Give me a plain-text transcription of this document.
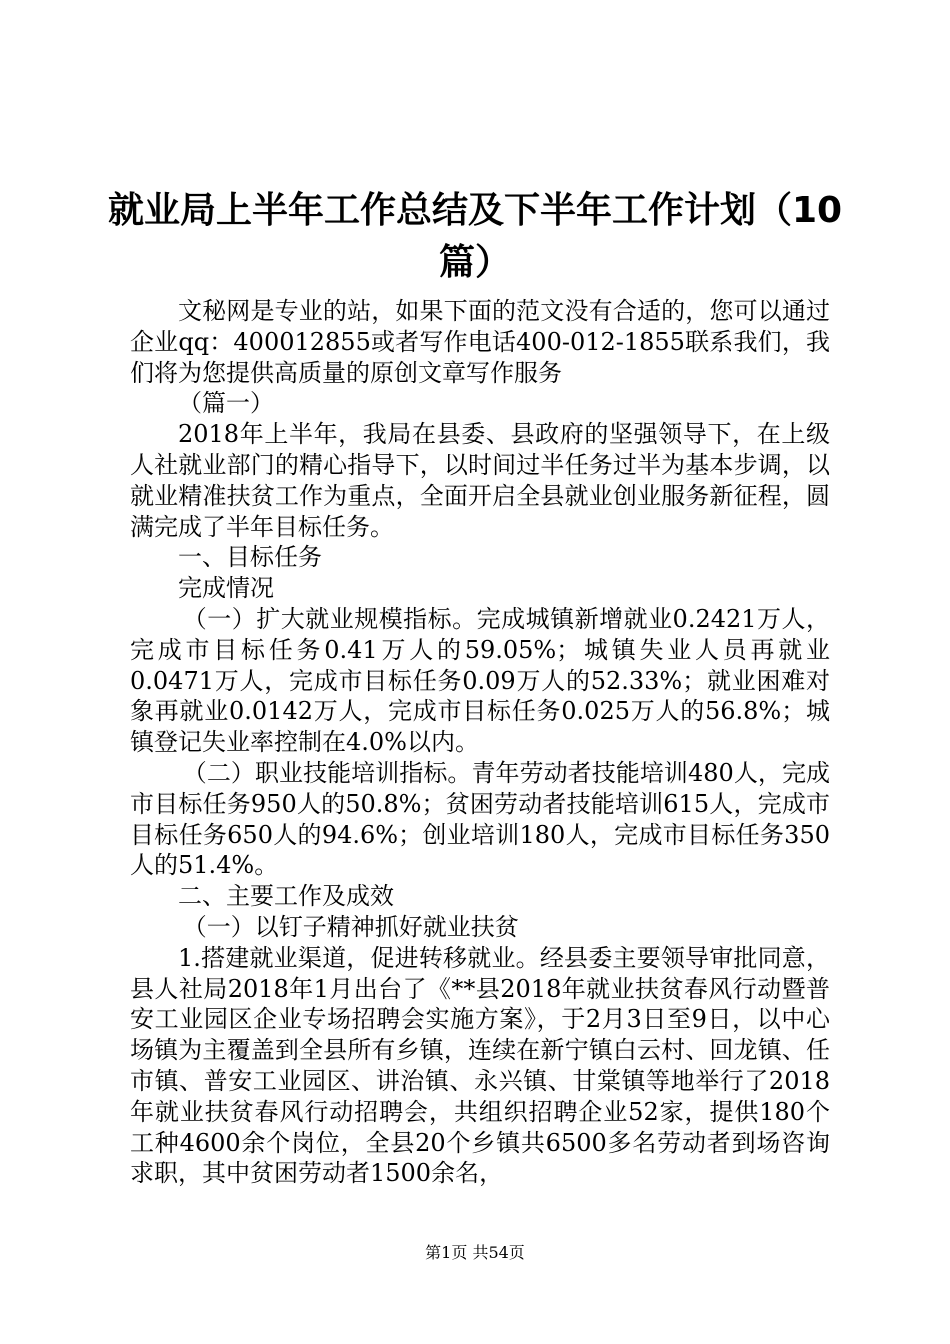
就业局上半年工作总结及下半年工作计划（10篇）

文秘网是专业的站，如果下面的范文没有合适的，您可以通过企业qq：400012855或者写作电话400-012-1855联系我们，我们将为您提供高质量的原创文章写作服务

（篇一）

2018年上半年，我局在县委、县政府的坚强领导下，在上级人社就业部门的精心指导下，以时间过半任务过半为基本步调，以就业精准扶贫工作为重点，全面开启全县就业创业服务新征程，圆满完成了半年目标任务。

一、目标任务

完成情况

（一）扩大就业规模指标。完成城镇新增就业0.2421万人，完成市目标任务0.41万人的59.05%；城镇失业人员再就业0.0471万人，完成市目标任务0.09万人的52.33%；就业困难对象再就业0.0142万人，完成市目标任务0.025万人的56.8%；城镇登记失业率控制在4.0%以内。

（二）职业技能培训指标。青年劳动者技能培训480人，完成市目标任务950人的50.8%；贫困劳动者技能培训615人，完成市目标任务650人的94.6%；创业培训180人，完成市目标任务350人的51.4%。

二、主要工作及成效

（一）以钉子精神抓好就业扶贫

1.搭建就业渠道，促进转移就业。经县委主要领导审批同意，县人社局2018年1月出台了《**县2018年就业扶贫春风行动暨普安工业园区企业专场招聘会实施方案》，于2月3日至9日，以中心场镇为主覆盖到全县所有乡镇，连续在新宁镇白云村、回龙镇、任市镇、普安工业园区、讲治镇、永兴镇、甘棠镇等地举行了2018年就业扶贫春风行动招聘会，共组织招聘企业52家，提供180个工种4600余个岗位，全县20个乡镇共6500多名劳动者到场咨询求职，其中贫困劳动者1500余名，

第1页 共54页
